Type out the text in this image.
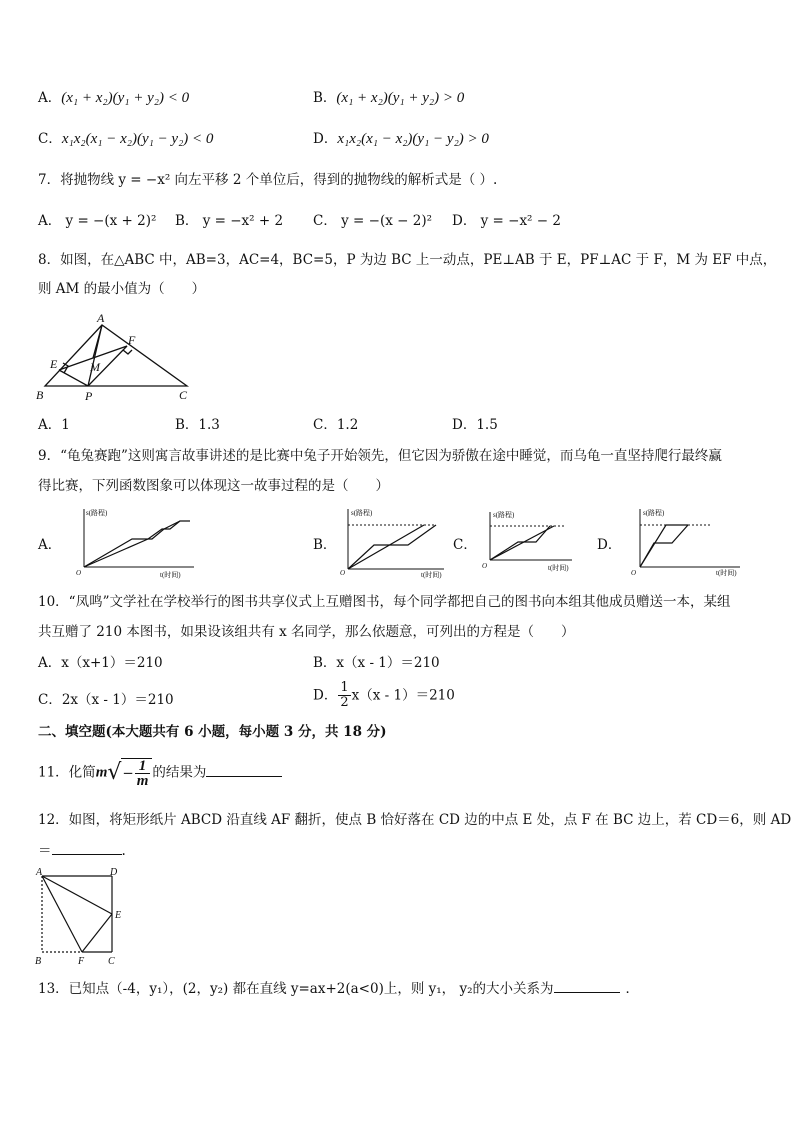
A．(x₁ + x₂)(y₁ + y₂) < 0	B．(x₁ + x₂)(y₁ + y₂) > 0
C．x₁x₂(x₁ − x₂)(y₁ − y₂) < 0	D．x₁x₂(x₁ − x₂)(y₁ − y₂) > 0
7．将抛物线 y = −x² 向左平移 2 个单位后，得到的抛物线的解析式是（ ）.
A． y = −(x + 2)² B． y = −x² + 2 C． y = −(x − 2)² D． y = −x² − 2
8．如图，在△ABC 中，AB=3，AC=4，BC=5，P 为边 BC 上一动点，PE⊥AB 于 E，PF⊥AC 于 F，M 为 EF 中点，
则 AM 的最小值为（　　）
A
F
E	M
B	P	C
A．1	B．1.3	C．1.2	D．1.5
9．“龟兔赛跑”这则寓言故事讲述的是比赛中兔子开始领先，但它因为骄傲在途中睡觉，而乌龟一直坚持爬行最终赢
得比赛，下列函数图象可以体现这一故事过程的是（　　）
A．
s(路程)
t(时间)
O
B．
s(路程)
t(时间)
O
C．
s(路程)
t(时间)
O
D．
s(路程)
t(时间)
O
10．“凤鸣”文学社在学校举行的图书共享仪式上互赠图书，每个同学都把自己的图书向本组其他成员赠送一本，某组
共互赠了 210 本图书，如果设该组共有 x 名同学，那么依题意，可列出的方程是（　　）
A．x（x+1）＝210	B．x（x - 1）＝210
C．2x（x - 1）＝210	D． $\frac{1}{2} x(x - 1)=210$
二、填空题(本大题共有 6 小题，每小题 3 分，共 18 分)
11．化简$m√- \frac{1}{m}$ 的结果为
12．如图，将矩形纸片 ABCD 沿直线 AF 翻折，使点 B 恰好落在 CD 边的中点 E 处，点 F 在 BC 边上，若 CD＝6，则 AD
＝	.
A	D
E
B	F C
13．已知点（-4，y₁），(2，y₂) 都在直线 y=ax+2(a<0)上，则 y₁， y₂的大小关系为	．
